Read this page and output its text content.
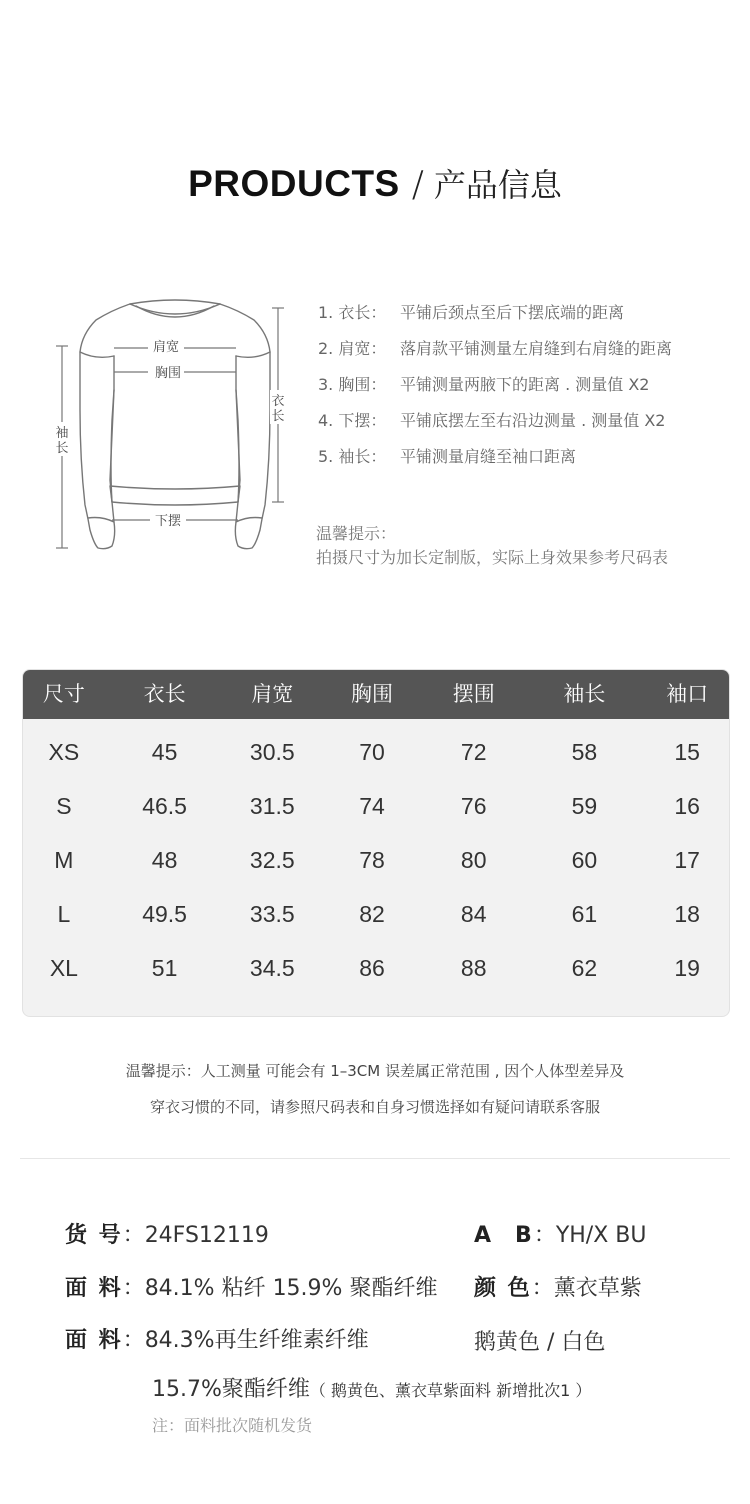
PRODUCTS / 产品信息
肩宽
胸围
下摆
衣
长
袖
长
1. 衣长： 平铺后颈点至后下摆底端的距离
2. 肩宽： 落肩款平铺测量左肩缝到右肩缝的距离
3. 胸围： 平铺测量两腋下的距离 . 测量值 X2
4. 下摆： 平铺底摆左至右沿边测量 . 测量值 X2
5. 袖长： 平铺测量肩缝至袖口距离
温馨提示：
拍摄尺寸为加长定制版，实际上身效果参考尺码表
尺寸	衣长	肩宽	胸围	摆围	袖长	袖口
XS	45	30.5	70	72	58	15
S	46.5	31.5	74	76	59	16
M	48	32.5	78	80	60	17
L	49.5	33.5	82	84	61	18
XL	51	34.5	86	88	62	19
温馨提示：人工测量 可能会有 1–3CM 误差属正常范围 , 因个人体型差异及
穿衣习惯的不同，请参照尺码表和自身习惯选择如有疑问请联系客服
货 号：24FS12119	A B：YH/X BU
面 料：84.1% 粘纤 15.9% 聚酯纤维 颜 色：薰衣草紫
面 料：84.3%再生纤维素纤维	鹅黄色 / 白色
15.7%聚酯纤维（ 鹅黄色、薰衣草紫面料 新增批次1 ）
注：面料批次随机发货
